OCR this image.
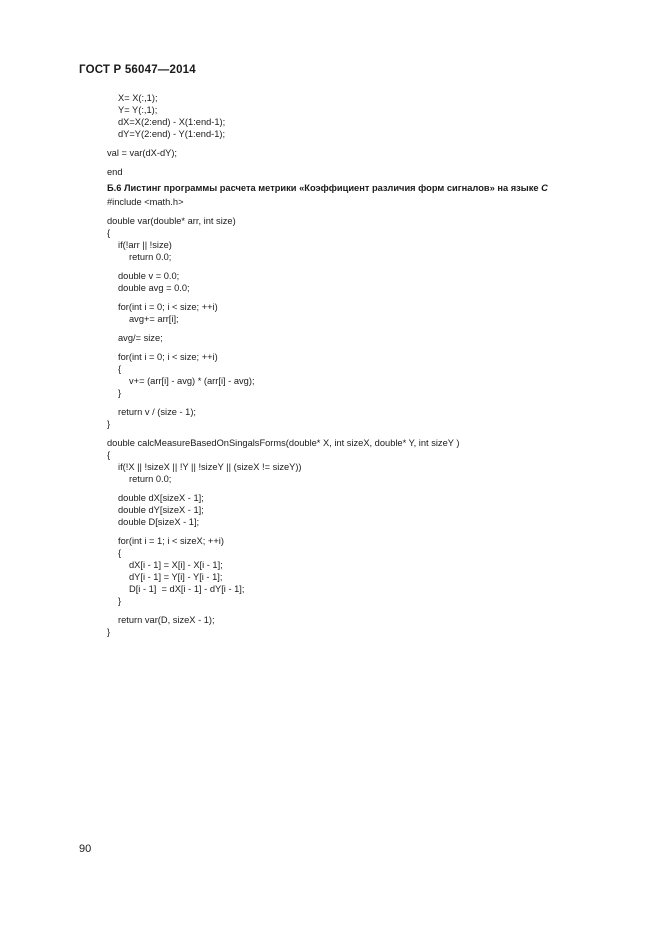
ГОСТ Р 56047—2014
X= X(:,1);
Y= Y(:,1);
dX=X(2:end) - X(1:end-1);
dY=Y(2:end) - Y(1:end-1);
val = var(dX-dY);
end
Б.6 Листинг программы расчета метрики «Коэффициент различия форм сигналов» на языке C
#include <math.h>
double var(double* arr, int size)
{
if(!arr || !size)
return 0.0;
double v = 0.0;
double avg = 0.0;
for(int i = 0; i < size; ++i)
avg+= arr[i];
avg/= size;
for(int i = 0; i < size; ++i)
{
v+= (arr[i] - avg) * (arr[i] - avg);
}
return v / (size - 1);
}
double calcMeasureBasedOnSingalsForms(double* X, int sizeX, double* Y, int sizeY )
{
if(!X || !sizeX || !Y || !sizeY || (sizeX != sizeY))
return 0.0;
double dX[sizeX - 1];
double dY[sizeX - 1];
double D[sizeX - 1];
for(int i = 1; i < sizeX; ++i)
{
dX[i - 1] = X[i] - X[i - 1];
dY[i - 1] = Y[i] - Y[i - 1];
D[i - 1]  = dX[i - 1] - dY[i - 1];
}
return var(D, sizeX - 1);
}
90
